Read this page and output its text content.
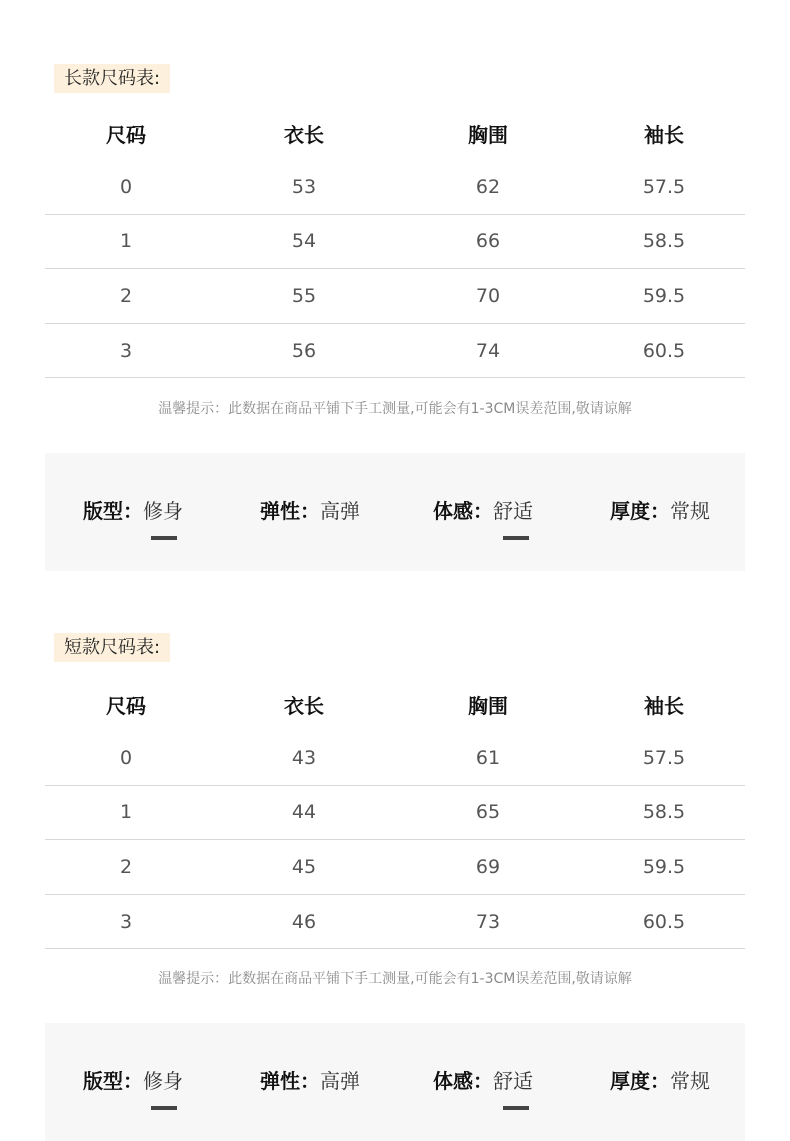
长款尺码表:
尺码	衣长	胸围	袖长
0	53	62	57.5
1	54	66	58.5
2	55	70	59.5
3	56	74	60.5
温馨提示：此数据在商品平铺下手工测量,可能会有1-3CM误差范围,敬请谅解
版型：修身	弹性：高弹	体感：舒适	厚度：常规
短款尺码表:
尺码	衣长	胸围	袖长
0	43	61	57.5
1	44	65	58.5
2	45	69	59.5
3	46	73	60.5
温馨提示：此数据在商品平铺下手工测量,可能会有1-3CM误差范围,敬请谅解
版型：修身	弹性：高弹	体感：舒适	厚度：常规
